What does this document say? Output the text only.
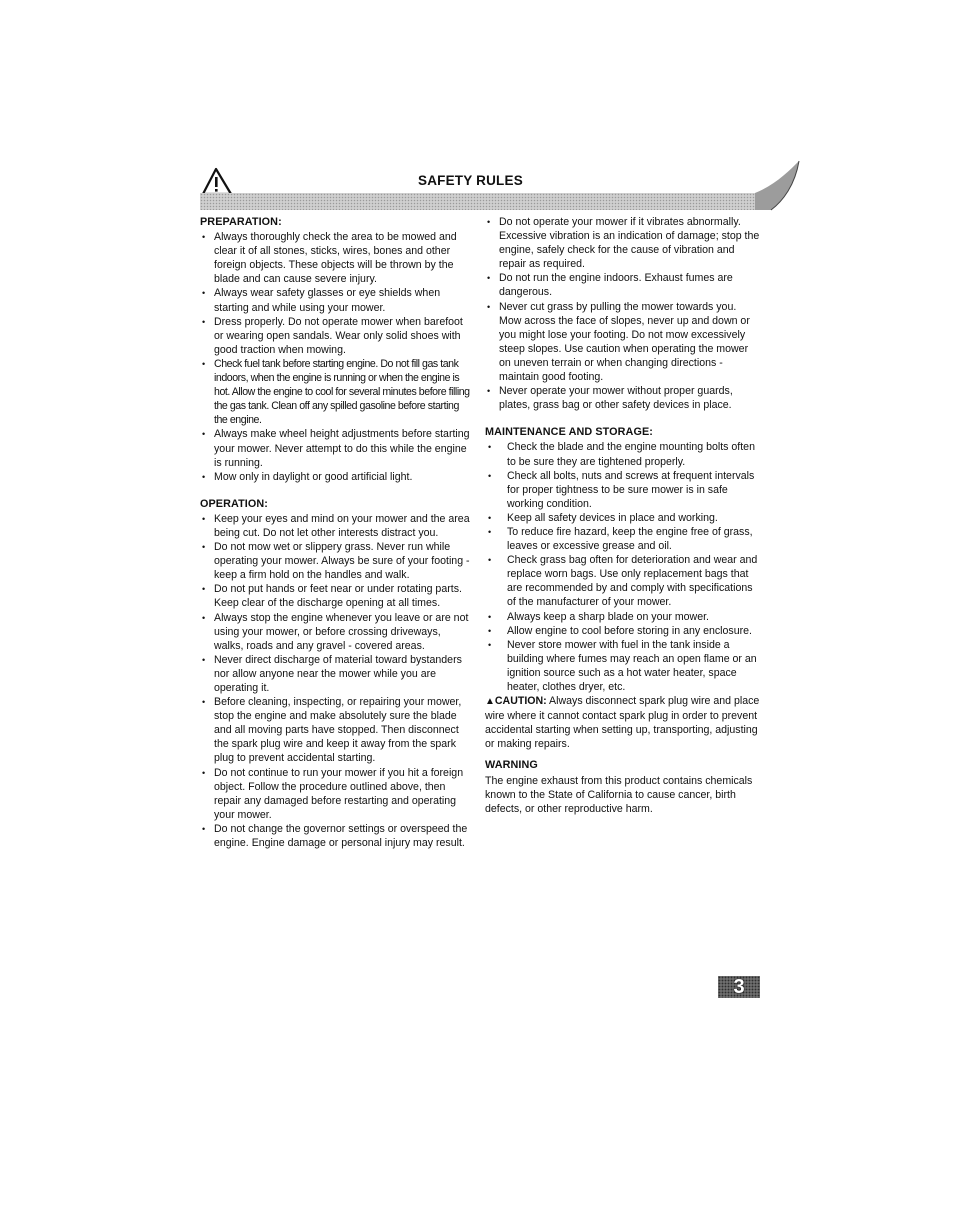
SAFETY RULES
PREPARATION:
• Always thoroughly check the area to be mowed and clear it of all stones, sticks, wires, bones and other foreign objects. These objects will be thrown by the blade and can cause severe injury.
• Always wear safety glasses or eye shields when starting and while using your mower.
• Dress properly. Do not operate mower when barefoot or wearing open sandals. Wear only solid shoes with good traction when mowing.
• Check fuel tank before starting engine. Do not fill gas tank indoors, when the engine is running or when the engine is hot. Allow the engine to cool for several minutes before filling the gas tank. Clean off any spilled gasoline before starting the engine.
• Always make wheel height adjustments before starting your mower. Never attempt to do this while the engine is running.
• Mow only in daylight or good artificial light.
OPERATION:
• Keep your eyes and mind on your mower and the area being cut. Do not let other interests distract you.
• Do not mow wet or slippery grass. Never run while operating your mower. Always be sure of your footing - keep a firm hold on the handles and walk.
• Do not put hands or feet near or under rotating parts. Keep clear of the discharge opening at all times.
• Always stop the engine whenever you leave or are not using your mower, or before crossing driveways, walks, roads and any gravel - covered areas.
• Never direct discharge of material toward bystanders nor allow anyone near the mower while you are operating it.
• Before cleaning, inspecting, or repairing your mower, stop the engine and make absolutely sure the blade and all moving parts have stopped. Then disconnect the spark plug wire and keep it away from the spark plug to prevent accidental starting.
• Do not continue to run your mower if you hit a foreign object. Follow the procedure outlined above, then repair any damaged before restarting and operating your mower.
• Do not change the governor settings or overspeed the engine. Engine damage or personal injury may result.
• Do not operate your mower if it vibrates abnormally. Excessive vibration is an indication of damage; stop the engine, safely check for the cause of vibration and repair as required.
• Do not run the engine indoors. Exhaust fumes are dangerous.
• Never cut grass by pulling the mower towards you. Mow across the face of slopes, never up and down or you might lose your footing. Do not mow excessively steep slopes. Use caution when operating the mower on uneven terrain or when changing directions - maintain good footing.
• Never operate your mower without proper guards, plates, grass bag or other safety devices in place.
MAINTENANCE AND STORAGE:
• Check the blade and the engine mounting bolts often to be sure they are tightened properly.
• Check all bolts, nuts and screws at frequent intervals for proper tightness to be sure mower is in safe working condition.
• Keep all safety devices in place and working.
• To reduce fire hazard, keep the engine free of grass, leaves or excessive grease and oil.
• Check grass bag often for deterioration and wear and replace worn bags. Use only replacement bags that are recommended by and comply with specifications of the manufacturer of your mower.
• Always keep a sharp blade on your mower.
• Allow engine to cool before storing in any enclosure.
• Never store mower with fuel in the tank inside a building where fumes may reach an open flame or an ignition source such as a hot water heater, space heater, clothes dryer, etc.

▲CAUTION: Always disconnect spark plug wire and place wire where it cannot contact spark plug in order to prevent accidental starting when setting up, transporting, adjusting or making repairs.

WARNING

The engine exhaust from this product contains chemicals known to the State of California to cause cancer, birth defects, or other reproductive harm.

3
